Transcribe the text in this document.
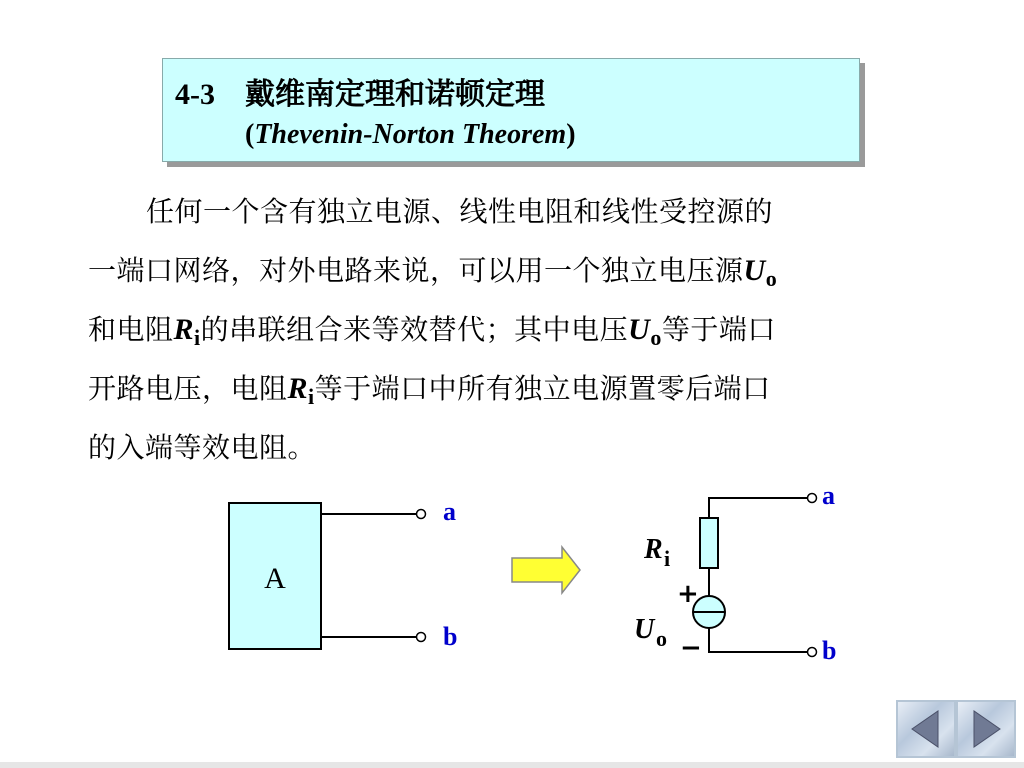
4-3 戴维南定理和诺顿定理
(Thevenin-Norton Theorem)
任何一个含有独立电源、线性电阻和线性受控源的
一端口网络，对外电路来说，可以用一个独立电压源$U_o$
和电阻$R_i$的串联组合来等效替代；其中电压$U_o$等于端口
开路电压，电阻$R_i$等于端口中所有独立电源置零后端口
的入端等效电阻。
A
a
b
a
b
R i
+
−
U o
